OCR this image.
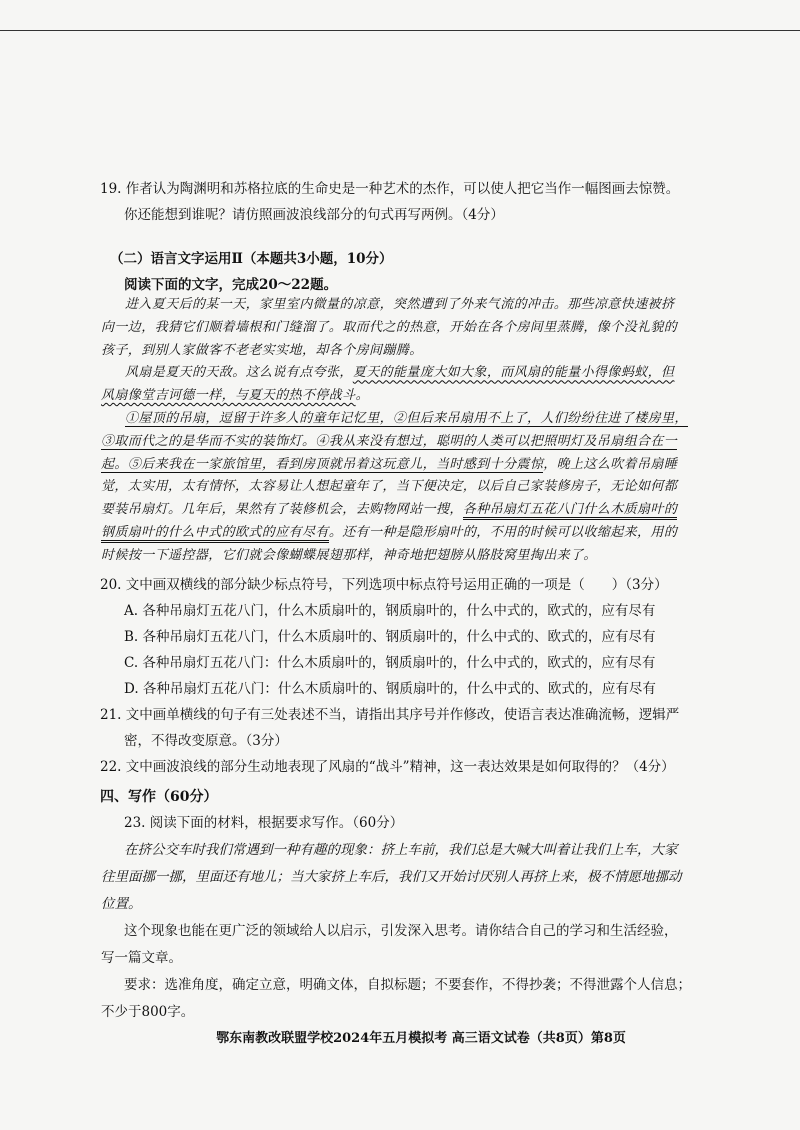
19. 作者认为陶渊明和苏格拉底的生命史是一种艺术的杰作，可以使人把它当作一幅图画去惊赞。
你还能想到谁呢？请仿照画波浪线部分的句式再写两例。（4分）
（二）语言文字运用Ⅱ（本题共3小题，10分）
阅读下面的文字，完成20～22题。
进入夏天后的某一天，家里室内微量的凉意，突然遭到了外来气流的冲击。那些凉意快速被挤
向一边，我猜它们顺着墙根和门缝溜了。取而代之的热意，开始在各个房间里蒸腾，像个没礼貌的
孩子，到别人家做客不老老实实地，却各个房间蹦腾。
风扇是夏天的天敌。这么说有点夸张，夏天的能量庞大如大象，而风扇的能量小得像蚂蚁，但
风扇像堂吉诃德一样，与夏天的热不停战斗。
①屋顶的吊扇，逗留于许多人的童年记忆里，②但后来吊扇用不上了，人们纷纷往进了楼房里，
③取而代之的是华而不实的装饰灯。④我从来没有想过，聪明的人类可以把照明灯及吊扇组合在一
起。⑤后来我在一家旅馆里，看到房顶就吊着这玩意儿，当时感到十分震惊，晚上这么吹着吊扇睡
觉，太实用，太有情怀，太容易让人想起童年了，当下便决定，以后自己家装修房子，无论如何都
要装吊扇灯。几年后，果然有了装修机会，去购物网站一搜，各种吊扇灯五花八门什么木质扇叶的
钢质扇叶的什么中式的欧式的应有尽有。还有一种是隐形扇叶的，不用的时候可以收缩起来，用的
时候按一下遥控器，它们就会像蝴蝶展翅那样，神奇地把翅膀从胳肢窝里掏出来了。
20. 文中画双横线的部分缺少标点符号，下列选项中标点符号运用正确的一项是（　　）（3分）
A. 各种吊扇灯五花八门，什么木质扇叶的，钢质扇叶的，什么中式的，欧式的，应有尽有
B. 各种吊扇灯五花八门，什么木质扇叶的、钢质扇叶的，什么中式的、欧式的，应有尽有
C. 各种吊扇灯五花八门：什么木质扇叶的，钢质扇叶的，什么中式的，欧式的，应有尽有
D. 各种吊扇灯五花八门：什么木质扇叶的、钢质扇叶的，什么中式的、欧式的，应有尽有
21. 文中画单横线的句子有三处表述不当，请指出其序号并作修改，使语言表达准确流畅，逻辑严
密，不得改变原意。（3分）
22. 文中画波浪线的部分生动地表现了风扇的“战斗”精神，这一表达效果是如何取得的？（4分）
四、写作（60分）
23. 阅读下面的材料，根据要求写作。（60分）
在挤公交车时我们常遇到一种有趣的现象：挤上车前，我们总是大喊大叫着让我们上车，大家
往里面挪一挪，里面还有地儿；当大家挤上车后，我们又开始讨厌别人再挤上来，极不情愿地挪动
位置。
这个现象也能在更广泛的领域给人以启示，引发深入思考。请你结合自己的学习和生活经验，
写一篇文章。
要求：选准角度，确定立意，明确文体，自拟标题；不要套作，不得抄袭；不得泄露个人信息；
不少于800字。
鄂东南教改联盟学校2024年五月模拟考 高三语文试卷（共8页）第8页
